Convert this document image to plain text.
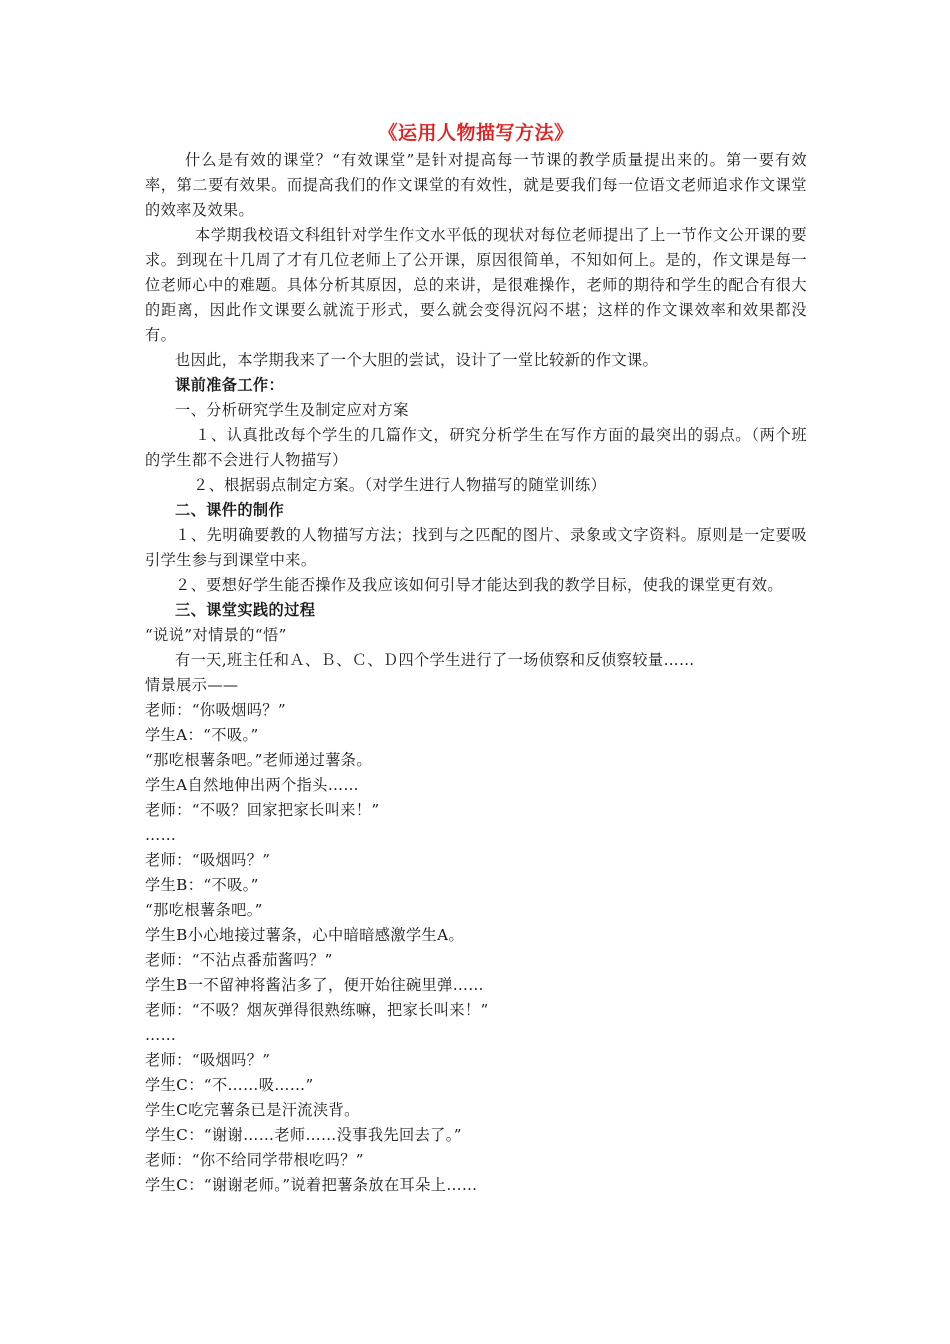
《运用人物描写方法》

什么是有效的课堂？“有效课堂”是针对提高每一节课的教学质量提出来的。第一要有效率，第二要有效果。而提高我们的作文课堂的有效性，就是要我们每一位语文老师追求作文课堂的效率及效果。

本学期我校语文科组针对学生作文水平低的现状对每位老师提出了上一节作文公开课的要求。到现在十几周了才有几位老师上了公开课，原因很简单，不知如何上。是的，作文课是每一位老师心中的难题。具体分析其原因，总的来讲，是很难操作，老师的期待和学生的配合有很大的距离，因此作文课要么就流于形式，要么就会变得沉闷不堪；这样的作文课效率和效果都没有。

也因此，本学期我来了一个大胆的尝试，设计了一堂比较新的作文课。

课前准备工作：

一、分析研究学生及制定应对方案

１、认真批改每个学生的几篇作文，研究分析学生在写作方面的最突出的弱点。（两个班的学生都不会进行人物描写）

２、根据弱点制定方案。（对学生进行人物描写的随堂训练）

二、课件的制作

１、先明确要教的人物描写方法；找到与之匹配的图片、录象或文字资料。原则是一定要吸引学生参与到课堂中来。

２、要想好学生能否操作及我应该如何引导才能达到我的教学目标，使我的课堂更有效。

三、课堂实践的过程

“说说”对情景的“悟”

有一天,班主任和Ａ、Ｂ、Ｃ、Ｄ四个学生进行了一场侦察和反侦察较量……

情景展示——

老师：“你吸烟吗？”

学生A：“不吸。”

“那吃根薯条吧。”老师递过薯条。

学生A自然地伸出两个指头……

老师：“不吸？回家把家长叫来！”

……

老师：“吸烟吗？”

学生B：“不吸。”

“那吃根薯条吧。”

学生B小心地接过薯条，心中暗暗感激学生A。

老师：“不沾点番茄酱吗？”

学生B一不留神将酱沾多了，便开始往碗里弹……

老师：“不吸？烟灰弹得很熟练嘛，把家长叫来！”

……

老师：“吸烟吗？”

学生C：“不……吸……”

学生C吃完薯条已是汗流浃背。

学生C：“谢谢……老师……没事我先回去了。”

老师：“你不给同学带根吃吗？”

学生C：“谢谢老师。”说着把薯条放在耳朵上……
